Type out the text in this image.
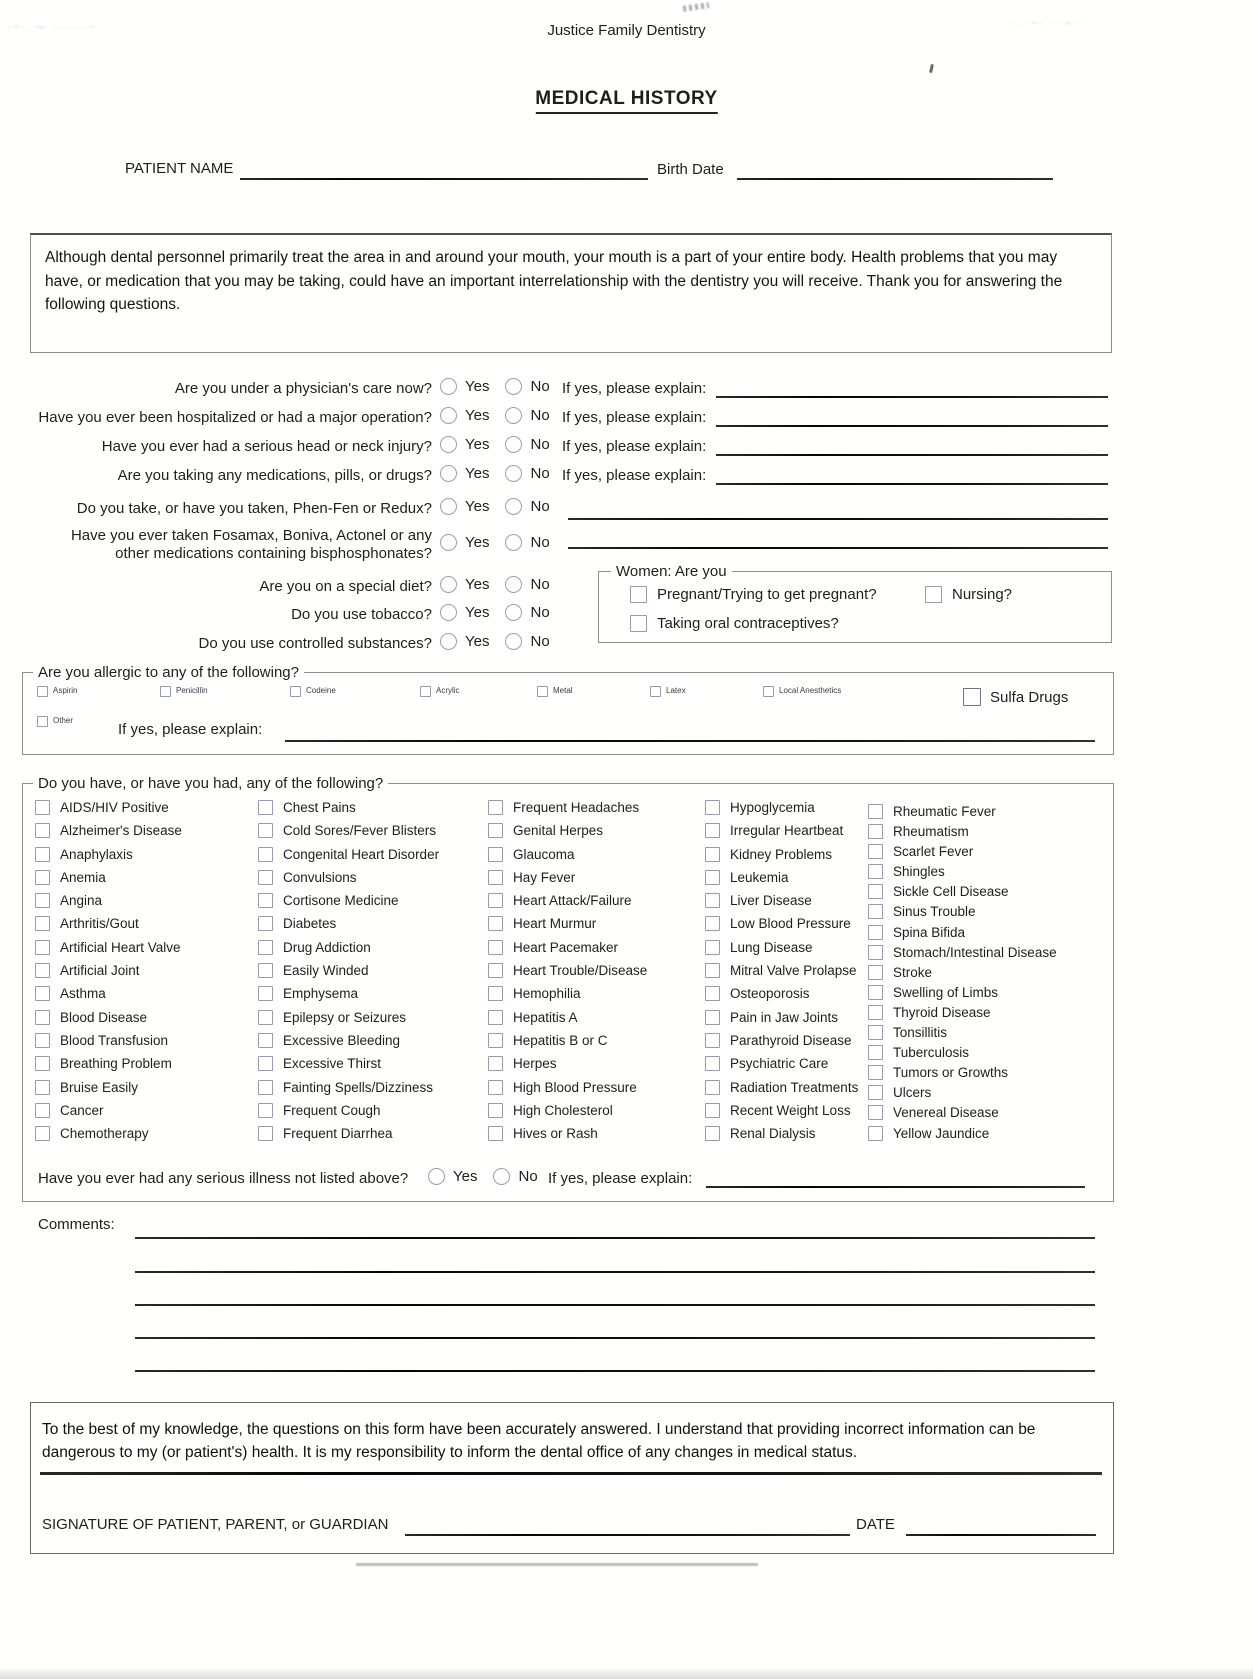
·~·‥— ·······–	·‥·~· ···–··
Justice Family Dentistry
MEDICAL HISTORY
PATIENT NAME	Birth Date
Although dental personnel primarily treat the area in and around your mouth, your mouth is a part of your entire body. Health problems that you may have, or medication that you may be taking, could have an important interrelationship with the dentistry you will receive. Thank you for answering the following questions.
Are you under a physician's care now? Yes	No If yes, please explain:
Have you ever been hospitalized or had a major operation? Yes	No If yes, please explain:
Have you ever had a serious head or neck injury? Yes	No If yes, please explain:
Are you taking any medications, pills, or drugs? Yes	No If yes, please explain:
Do you take, or have you taken, Phen-Fen or Redux? Yes	No
Have you ever taken Fosamax, Boniva, Actonel or any
other medications containing bisphosphonates?
Yes	No
Are you on a special diet? Yes	No
Do you use tobacco? Yes	No
Do you use controlled substances? Yes	No
Women: Are you
Pregnant/Trying to get pregnant?	Nursing?
Taking oral contraceptives?
Are you allergic to any of the following?
Aspirin	Penicillin	Codeine	Acrylic	Metal	Latex	Local Anesthetics	Sulfa Drugs
Other
If yes, please explain:
Do you have, or have you had, any of the following?
AIDS/HIV Positive
Alzheimer's Disease
Anaphylaxis
Anemia
Angina
Arthritis/Gout
Artificial Heart Valve
Artificial Joint
Asthma
Blood Disease
Blood Transfusion
Breathing Problem
Bruise Easily
Cancer
Chemotherapy
Chest Pains
Cold Sores/Fever Blisters
Congenital Heart Disorder
Convulsions
Cortisone Medicine
Diabetes
Drug Addiction
Easily Winded
Emphysema
Epilepsy or Seizures
Excessive Bleeding
Excessive Thirst
Fainting Spells/Dizziness
Frequent Cough
Frequent Diarrhea
Frequent Headaches
Genital Herpes
Glaucoma
Hay Fever
Heart Attack/Failure
Heart Murmur
Heart Pacemaker
Heart Trouble/Disease
Hemophilia
Hepatitis A
Hepatitis B or C
Herpes
High Blood Pressure
High Cholesterol
Hives or Rash
Hypoglycemia
Irregular Heartbeat
Kidney Problems
Leukemia
Liver Disease
Low Blood Pressure
Lung Disease
Mitral Valve Prolapse
Osteoporosis
Pain in Jaw Joints
Parathyroid Disease
Psychiatric Care
Radiation Treatments
Recent Weight Loss
Renal Dialysis
Rheumatic Fever
Rheumatism
Scarlet Fever
Shingles
Sickle Cell Disease
Sinus Trouble
Spina Bifida
Stomach/Intestinal Disease
Stroke
Swelling of Limbs
Thyroid Disease
Tonsillitis
Tuberculosis
Tumors or Growths
Ulcers
Venereal Disease
Yellow Jaundice
Have you ever had any serious illness not listed above?	Yes	No If yes, please explain:
Comments:
To the best of my knowledge, the questions on this form have been accurately answered. I understand that providing incorrect information can be dangerous to my (or patient's) health. It is my responsibility to inform the dental office of any changes in medical status.
SIGNATURE OF PATIENT, PARENT, or GUARDIAN	DATE
